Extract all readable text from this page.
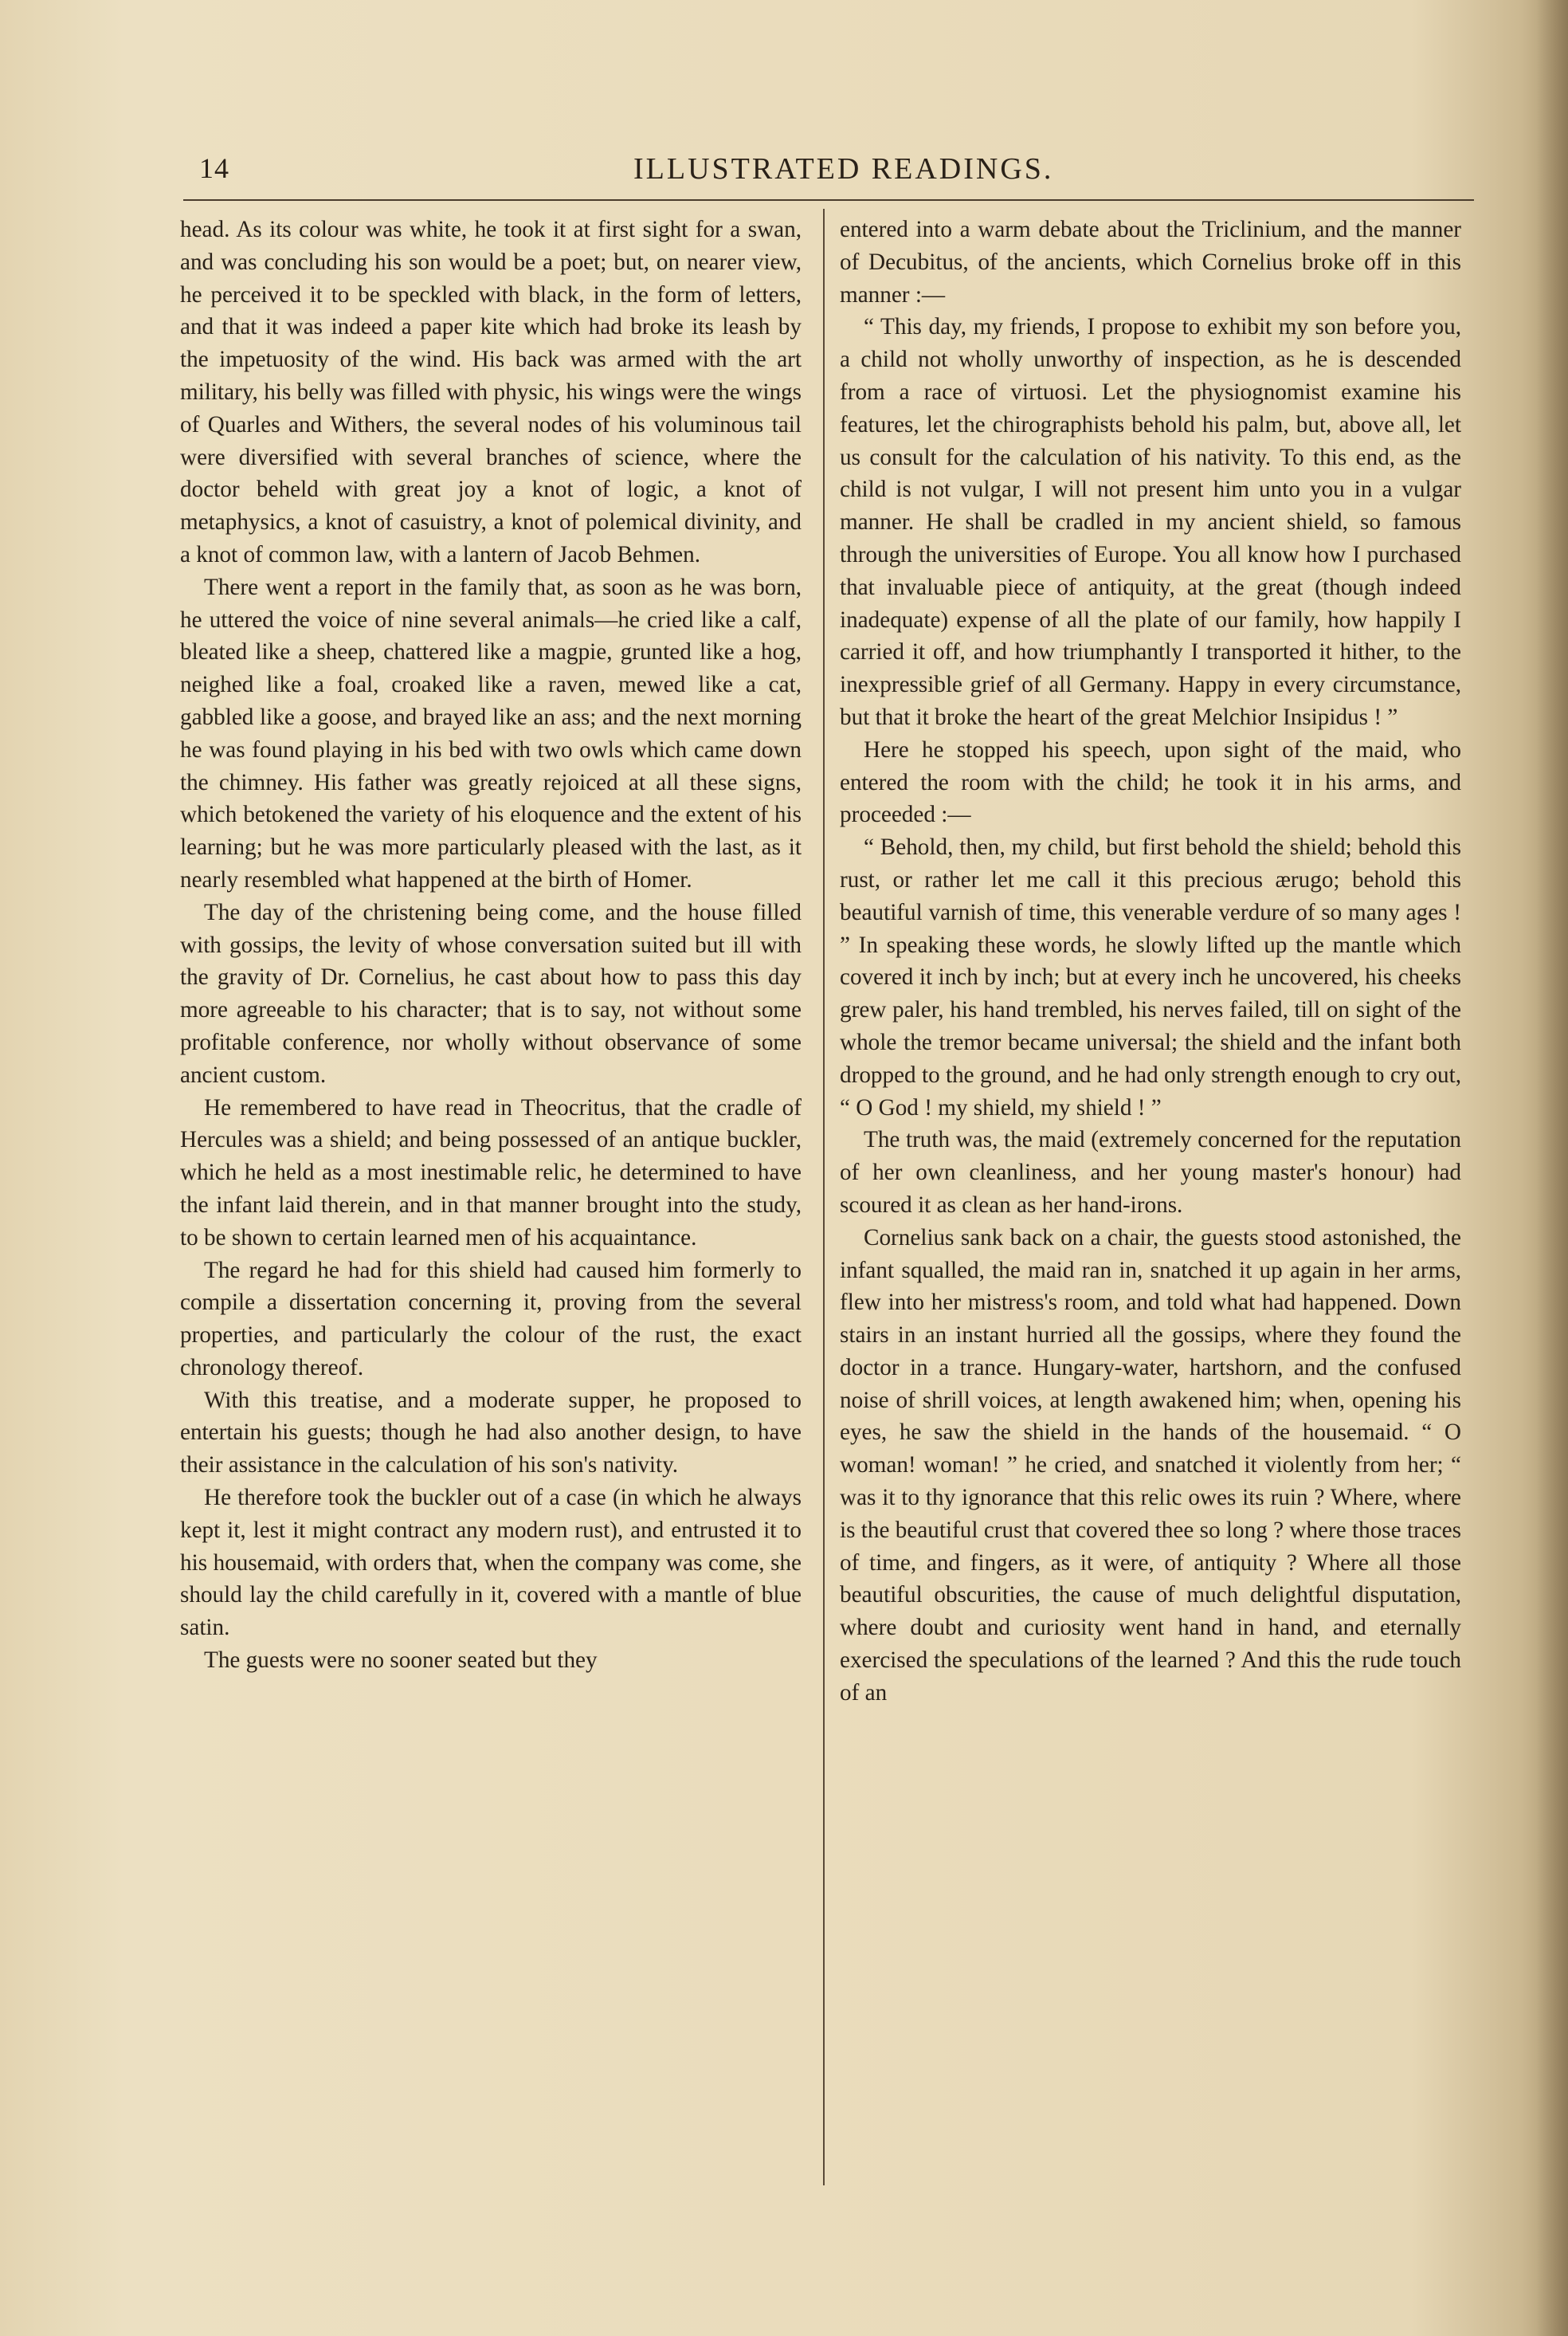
14	ILLUSTRATED READINGS.

head. As its colour was white, he took it at first sight for a swan, and was concluding his son would be a poet; but, on nearer view, he perceived it to be speckled with black, in the form of letters, and that it was indeed a paper kite which had broke its leash by the impetuosity of the wind. His back was armed with the art military, his belly was filled with physic, his wings were the wings of Quarles and Withers, the several nodes of his voluminous tail were diversified with several branches of science, where the doctor beheld with great joy a knot of logic, a knot of metaphysics, a knot of casuistry, a knot of polemical divinity, and a knot of common law, with a lantern of Jacob Behmen.

There went a report in the family that, as soon as he was born, he uttered the voice of nine several animals—he cried like a calf, bleated like a sheep, chattered like a magpie, grunted like a hog, neighed like a foal, croaked like a raven, mewed like a cat, gabbled like a goose, and brayed like an ass; and the next morning he was found playing in his bed with two owls which came down the chimney. His father was greatly rejoiced at all these signs, which betokened the variety of his eloquence and the extent of his learning; but he was more particularly pleased with the last, as it nearly resembled what happened at the birth of Homer.

The day of the christening being come, and the house filled with gossips, the levity of whose conversation suited but ill with the gravity of Dr. Cornelius, he cast about how to pass this day more agreeable to his character; that is to say, not without some profitable conference, nor wholly without observance of some ancient custom.

He remembered to have read in Theocritus, that the cradle of Hercules was a shield; and being possessed of an antique buckler, which he held as a most inestimable relic, he determined to have the infant laid therein, and in that manner brought into the study, to be shown to certain learned men of his acquaintance.

The regard he had for this shield had caused him formerly to compile a dissertation concerning it, proving from the several properties, and particularly the colour of the rust, the exact chronology thereof.

With this treatise, and a moderate supper, he proposed to entertain his guests; though he had also another design, to have their assistance in the calculation of his son's nativity.

He therefore took the buckler out of a case (in which he always kept it, lest it might contract any modern rust), and entrusted it to his housemaid, with orders that, when the company was come, she should lay the child carefully in it, covered with a mantle of blue satin.

The guests were no sooner seated but they

entered into a warm debate about the Triclinium, and the manner of Decubitus, of the ancients, which Cornelius broke off in this manner :—

“ This day, my friends, I propose to exhibit my son before you, a child not wholly unworthy of inspection, as he is descended from a race of virtuosi. Let the physiognomist examine his features, let the chirographists behold his palm, but, above all, let us consult for the calculation of his nativity. To this end, as the child is not vulgar, I will not present him unto you in a vulgar manner. He shall be cradled in my ancient shield, so famous through the universities of Europe. You all know how I purchased that invaluable piece of antiquity, at the great (though indeed inadequate) expense of all the plate of our family, how happily I carried it off, and how triumphantly I transported it hither, to the inexpressible grief of all Germany. Happy in every circumstance, but that it broke the heart of the great Melchior Insipidus ! ”

Here he stopped his speech, upon sight of the maid, who entered the room with the child; he took it in his arms, and proceeded :—

“ Behold, then, my child, but first behold the shield; behold this rust, or rather let me call it this precious ærugo; behold this beautiful varnish of time, this venerable verdure of so many ages ! ” In speaking these words, he slowly lifted up the mantle which covered it inch by inch; but at every inch he uncovered, his cheeks grew paler, his hand trembled, his nerves failed, till on sight of the whole the tremor became universal; the shield and the infant both dropped to the ground, and he had only strength enough to cry out, “ O God ! my shield, my shield ! ”

The truth was, the maid (extremely concerned for the reputation of her own cleanliness, and her young master's honour) had scoured it as clean as her hand-irons.

Cornelius sank back on a chair, the guests stood astonished, the infant squalled, the maid ran in, snatched it up again in her arms, flew into her mistress's room, and told what had happened. Down stairs in an instant hurried all the gossips, where they found the doctor in a trance. Hungary-water, hartshorn, and the confused noise of shrill voices, at length awakened him; when, opening his eyes, he saw the shield in the hands of the housemaid. “ O woman! woman! ” he cried, and snatched it violently from her; “ was it to thy ignorance that this relic owes its ruin ? Where, where is the beautiful crust that covered thee so long ? where those traces of time, and fingers, as it were, of antiquity ? Where all those beautiful obscurities, the cause of much delightful disputation, where doubt and curiosity went hand in hand, and eternally exercised the speculations of the learned ? And this the rude touch of an
